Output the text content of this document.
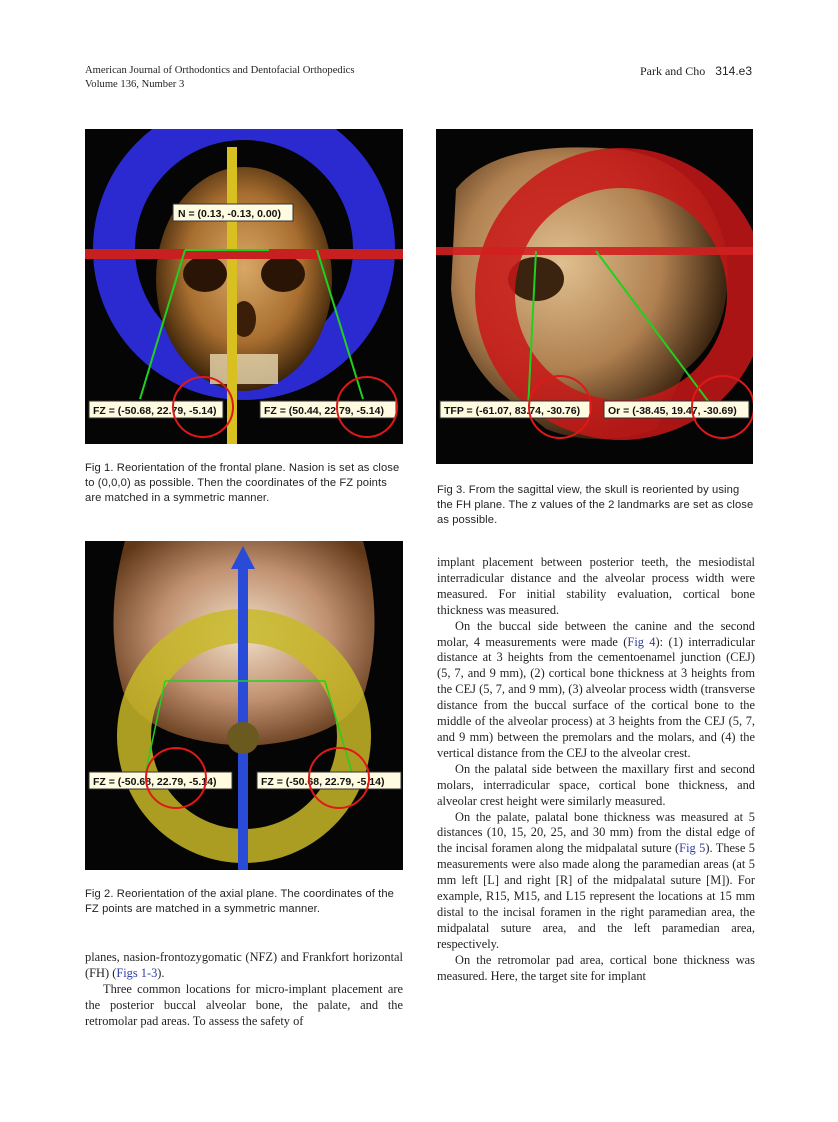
American Journal of Orthodontics and Dentofacial Orthopedics
Volume 136, Number 3
Park and Cho 314.e3
N = (0.13, -0.13, 0.00)
FZ = (-50.68, 22.79, -5.14)	FZ = (50.44, 22.79, -5.14)
Fig 1. Reorientation of the frontal plane. Nasion is set as close to (0,0,0) as possible. Then the coordinates of the FZ points are matched in a symmetric manner.
TFP = (-61.07, 83.74, -30.76)	Or = (-38.45, 19.47, -30.69)
Fig 3. From the sagittal view, the skull is reoriented by using the FH plane. The z values of the 2 landmarks are set as close as possible.
FZ = (-50.68, 22.79, -5.14)	FZ = (-50.68, 22.79, -5.14)
Fig 2. Reorientation of the axial plane. The coordinates of the FZ points are matched in a symmetric manner.

planes, nasion-frontozygomatic (NFZ) and Frankfort horizontal (FH) (Figs 1-3).

Three common locations for micro-implant placement are the posterior buccal alveolar bone, the palate, and the retromolar pad areas. To assess the safety of

implant placement between posterior teeth, the mesiodistal interradicular distance and the alveolar process width were measured. For initial stability evaluation, cortical bone thickness was measured.

On the buccal side between the canine and the second molar, 4 measurements were made (Fig 4): (1) interradicular distance at 3 heights from the cementoenamel junction (CEJ) (5, 7, and 9 mm), (2) cortical bone thickness at 3 heights from the CEJ (5, 7, and 9 mm), (3) alveolar process width (transverse distance from the buccal surface of the cortical bone to the middle of the alveolar process) at 3 heights from the CEJ (5, 7, and 9 mm) between the premolars and the molars, and (4) the vertical distance from the CEJ to the alveolar crest.

On the palatal side between the maxillary first and second molars, interradicular space, cortical bone thickness, and alveolar crest height were similarly measured.

On the palate, palatal bone thickness was measured at 5 distances (10, 15, 20, 25, and 30 mm) from the distal edge of the incisal foramen along the midpalatal suture (Fig 5). These 5 measurements were also made along the paramedian areas (at 5 mm left [L] and right [R] of the midpalatal suture [M]). For example, R15, M15, and L15 represent the locations at 15 mm distal to the incisal foramen in the right paramedian area, the midpalatal suture area, and the left paramedian area, respectively.

On the retromolar pad area, cortical bone thickness was measured. Here, the target site for implant
